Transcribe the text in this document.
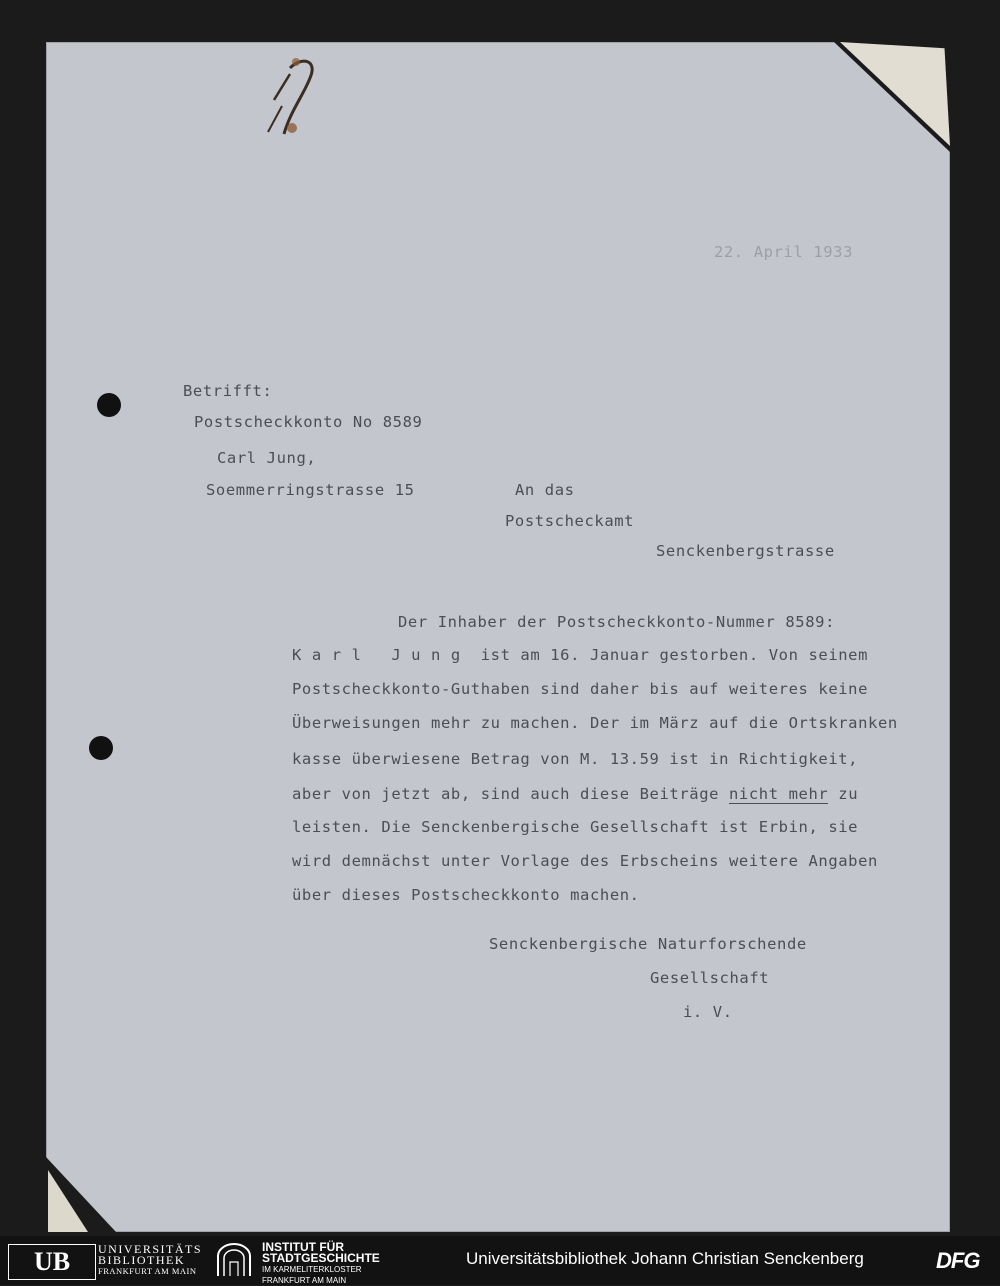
22. April 1933
Betrifft:
Postscheckkonto No 8589
Carl Jung,
Soemmerringstrasse 15	An das
Postscheckamt
Senckenbergstrasse
Der Inhaber der Postscheckkonto-Nummer 8589:
K a r l   J u n g  ist am 16. Januar gestorben. Von seinem
Postscheckkonto-Guthaben sind daher bis auf weiteres keine
Überweisungen mehr zu machen. Der im März auf die Ortskranken
kasse überwiesene Betrag von M. 13.59 ist in Richtigkeit,
aber von jetzt ab, sind auch diese Beiträge nicht mehr zu
leisten. Die Senckenbergische Gesellschaft ist Erbin, sie
wird demnächst unter Vorlage des Erbscheins weitere Angaben
über dieses Postscheckkonto machen.
Senckenbergische Naturforschende
Gesellschaft
i. V.
UB	UNIVERSITÄTS
BIBLIOTHEK
FRANKFURT AM MAIN
INSTITUT FÜR
STADTGESCHICHTE
IM KARMELITERKLOSTER
FRANKFURT AM MAIN
Universitätsbibliothek Johann Christian Senckenberg	DFG
